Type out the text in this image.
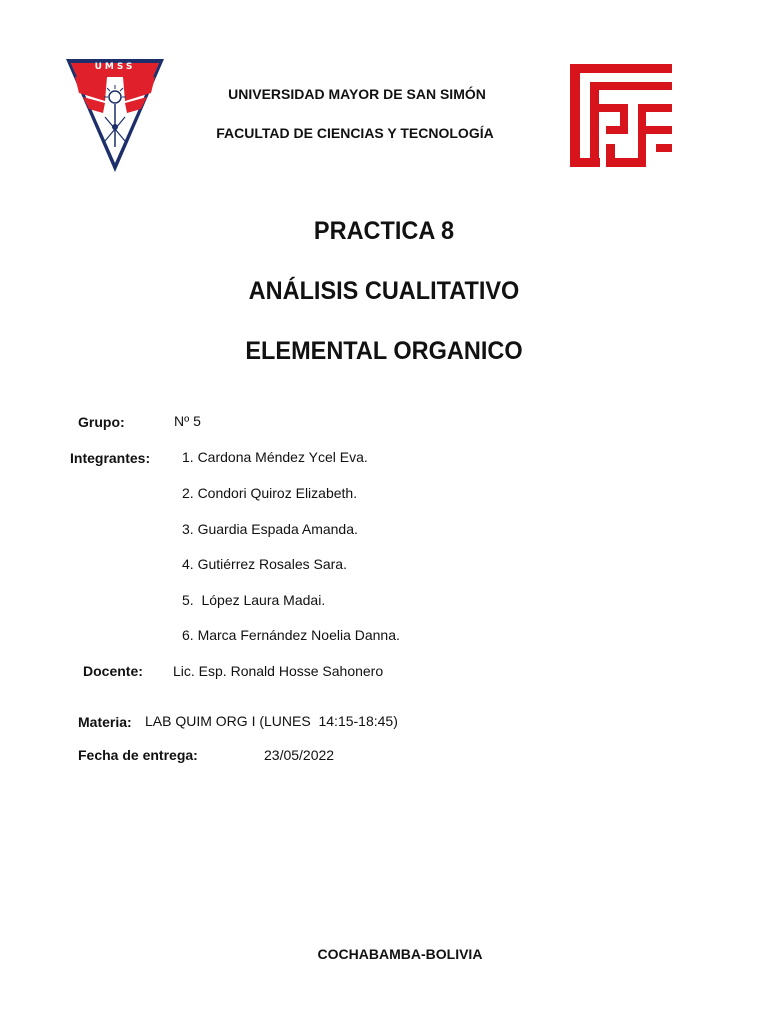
UMSS
UNIVERSIDAD MAYOR DE SAN SIMÓN
FACULTAD DE CIENCIAS Y TECNOLOGÍA
PRACTICA 8
ANÁLISIS CUALITATIVO
ELEMENTAL ORGANICO
Grupo:	Nº 5
Integrantes: 1. Cardona Méndez Ycel Eva.
2. Condori Quiroz Elizabeth.
3. Guardia Espada Amanda.
4. Gutiérrez Rosales Sara.
5.  López Laura Madai.
6. Marca Fernández Noelia Danna.
Docente: Lic. Esp. Ronald Hosse Sahonero
Materia: LAB QUIM ORG I (LUNES  14:15-18:45)
Fecha de entrega:	23/05/2022
COCHABAMBA-BOLIVIA
